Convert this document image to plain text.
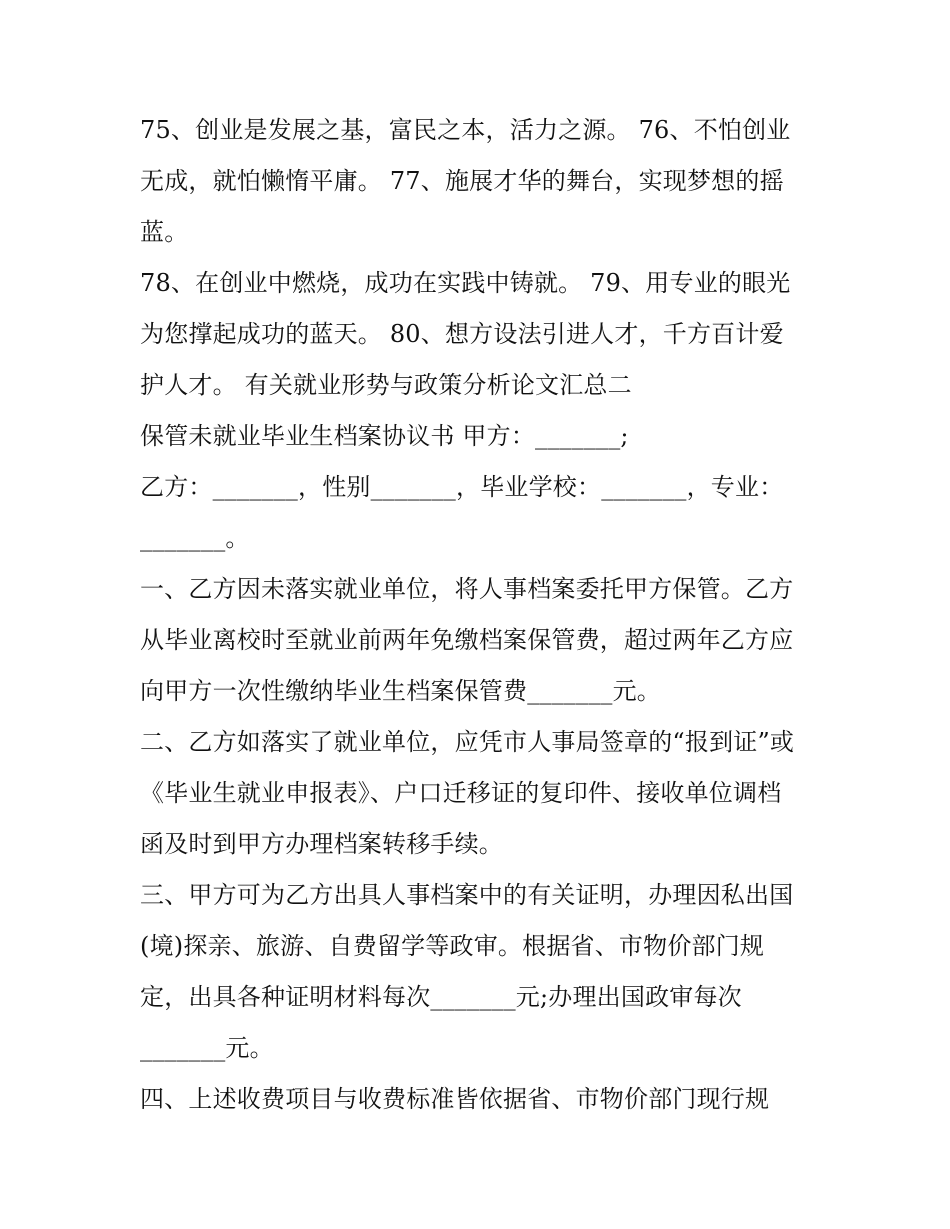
75、创业是发展之基，富民之本，活力之源。 76、不怕创业
无成，就怕懒惰平庸。 77、施展才华的舞台，实现梦想的摇
蓝。
78、在创业中燃烧，成功在实践中铸就。 79、用专业的眼光
为您撑起成功的蓝天。 80、想方设法引进人才，千方百计爱
护人才。 有关就业形势与政策分析论文汇总二
保管未就业毕业生档案协议书 甲方：_______;
乙方：_______，性别_______，毕业学校：_______，专业：
_______。
一、乙方因未落实就业单位，将人事档案委托甲方保管。乙方
从毕业离校时至就业前两年免缴档案保管费，超过两年乙方应
向甲方一次性缴纳毕业生档案保管费_______元。
二、乙方如落实了就业单位，应凭市人事局签章的“报到证”或
《毕业生就业申报表》、户口迁移证的复印件、接收单位调档
函及时到甲方办理档案转移手续。
三、甲方可为乙方出具人事档案中的有关证明，办理因私出国
(境)探亲、旅游、自费留学等政审。根据省、市物价部门规
定，出具各种证明材料每次_______元;办理出国政审每次
_______元。
四、上述收费项目与收费标准皆依据省、市物价部门现行规
